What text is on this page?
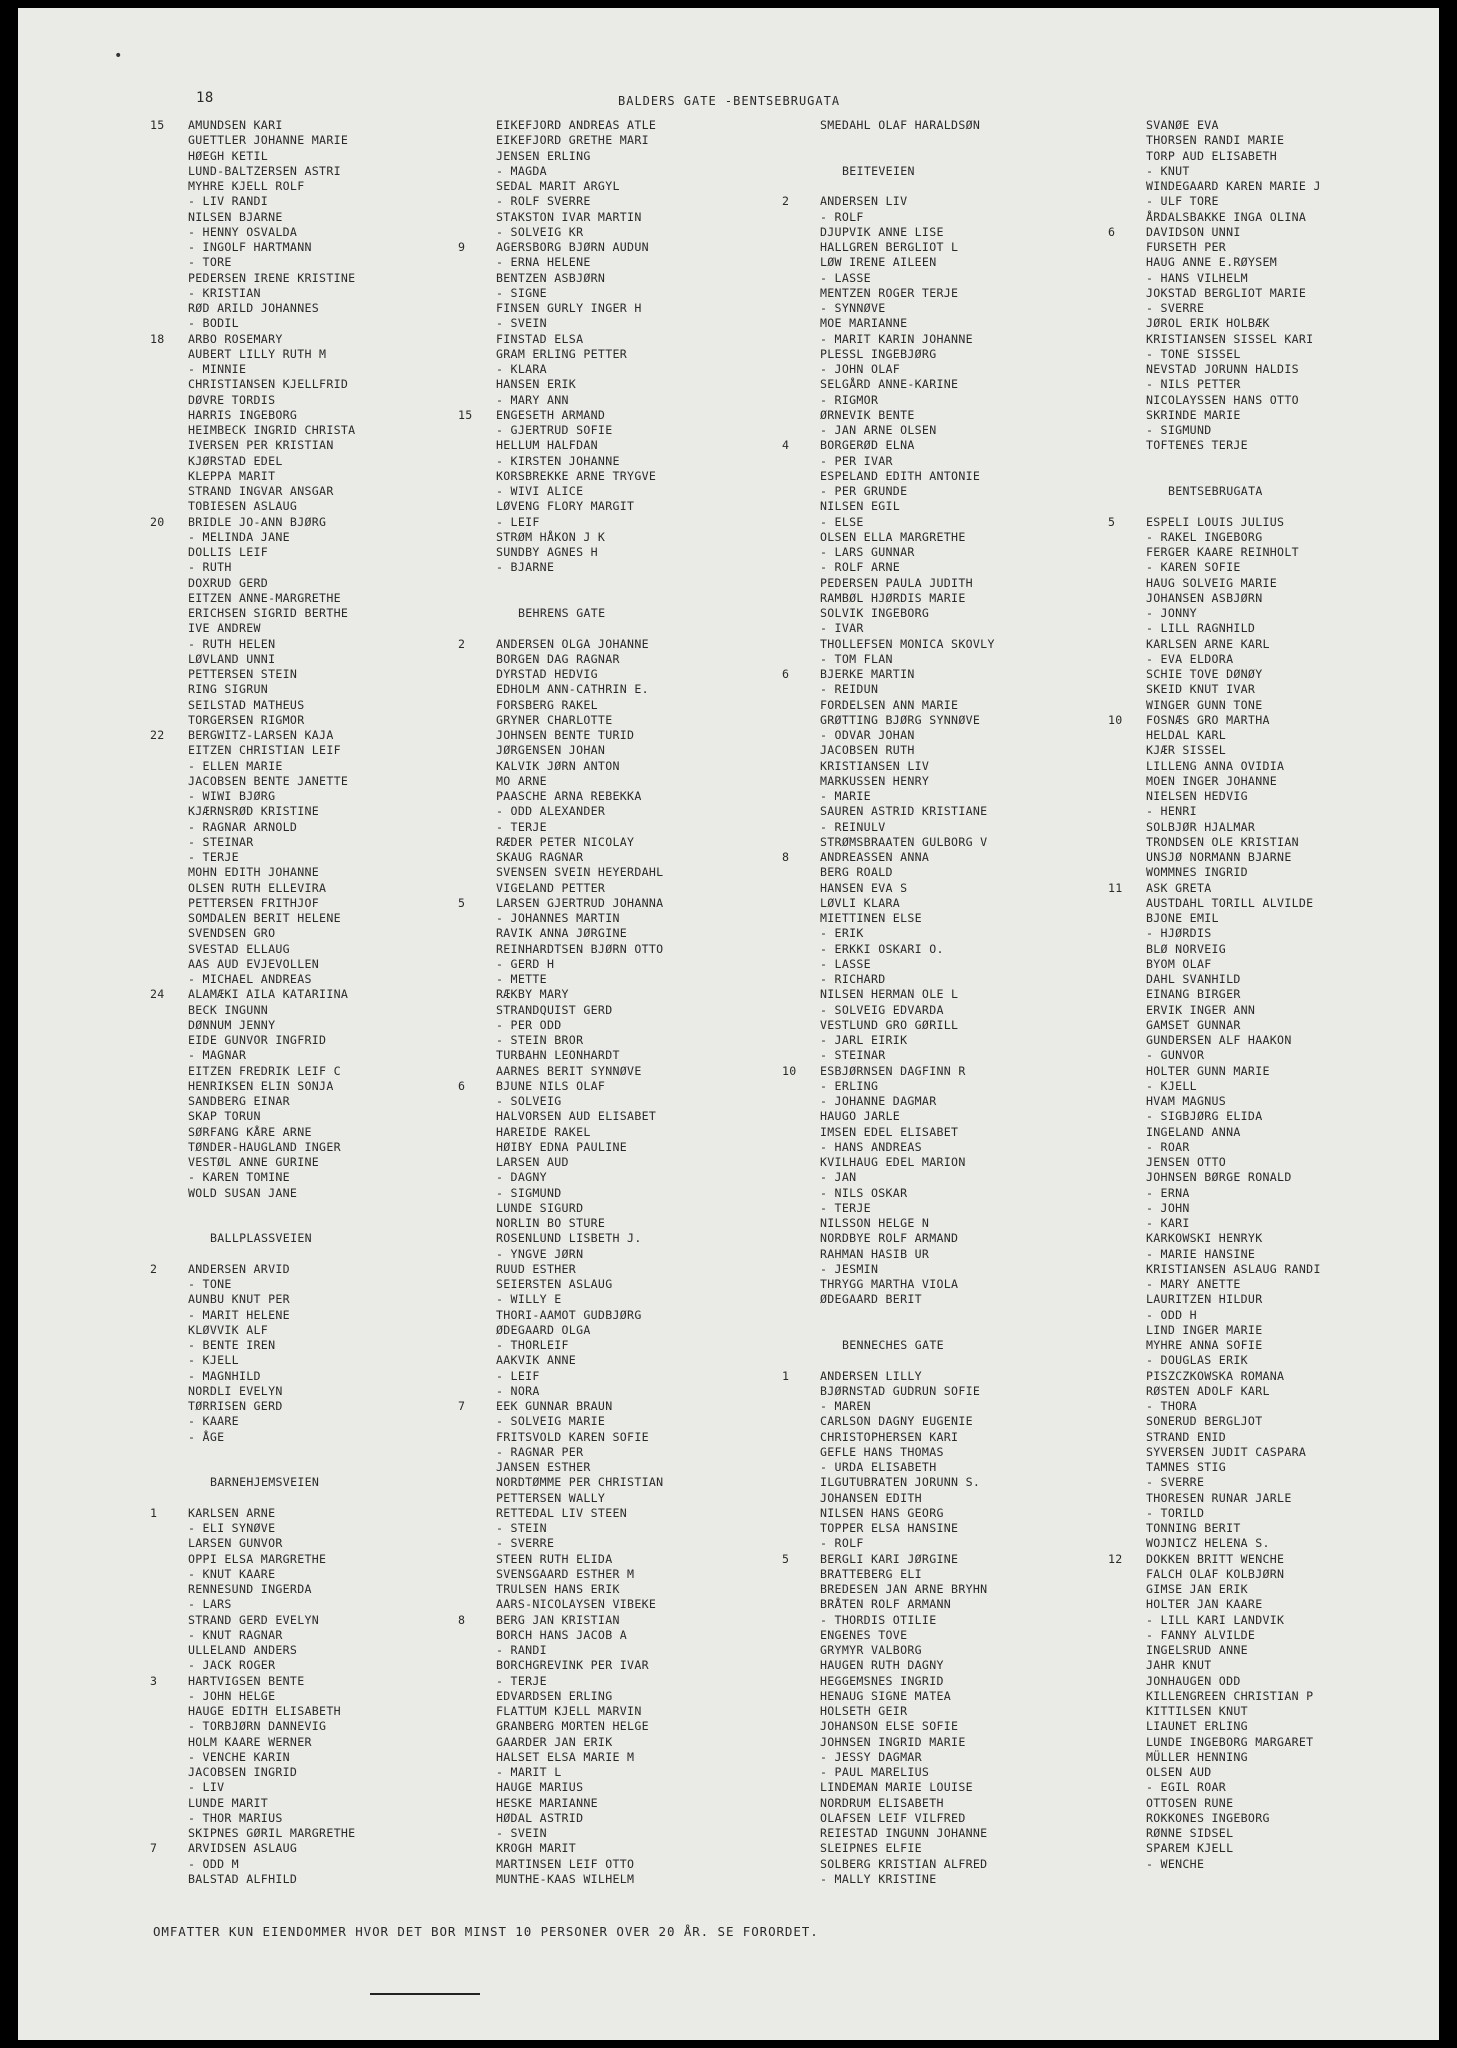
•
18	BALDERS GATE -BENTSEBRUGATA
15	AMUNDSEN KARI
GUETTLER JOHANNE MARIE
HØEGH KETIL
LUND-BALTZERSEN ASTRI
MYHRE KJELL ROLF
- LIV RANDI
NILSEN BJARNE
- HENNY OSVALDA
- INGOLF HARTMANN
- TORE
PEDERSEN IRENE KRISTINE
- KRISTIAN
RØD ARILD JOHANNES
- BODIL
18	ARBO ROSEMARY
AUBERT LILLY RUTH M
- MINNIE
CHRISTIANSEN KJELLFRID
DØVRE TORDIS
HARRIS INGEBORG
HEIMBECK INGRID CHRISTA
IVERSEN PER KRISTIAN
KJØRSTAD EDEL
KLEPPA MARIT
STRAND INGVAR ANSGAR
TOBIESEN ASLAUG
20	BRIDLE JO-ANN BJØRG
- MELINDA JANE
DOLLIS LEIF
- RUTH
DOXRUD GERD
EITZEN ANNE-MARGRETHE
ERICHSEN SIGRID BERTHE
IVE ANDREW
- RUTH HELEN
LØVLAND UNNI
PETTERSEN STEIN
RING SIGRUN
SEILSTAD MATHEUS
TORGERSEN RIGMOR
22	BERGWITZ-LARSEN KAJA
EITZEN CHRISTIAN LEIF
- ELLEN MARIE
JACOBSEN BENTE JANETTE
- WIWI BJØRG
KJÆRNSRØD KRISTINE
- RAGNAR ARNOLD
- STEINAR
- TERJE
MOHN EDITH JOHANNE
OLSEN RUTH ELLEVIRA
PETTERSEN FRITHJOF
SOMDALEN BERIT HELENE
SVENDSEN GRO
SVESTAD ELLAUG
AAS AUD EVJEVOLLEN
- MICHAEL ANDREAS
24	ALAMÆKI AILA KATARIINA
BECK INGUNN
DØNNUM JENNY
EIDE GUNVOR INGFRID
- MAGNAR
EITZEN FREDRIK LEIF C
HENRIKSEN ELIN SONJA
SANDBERG EINAR
SKAP TORUN
SØRFANG KÅRE ARNE
TØNDER-HAUGLAND INGER
VESTØL ANNE GURINE
- KAREN TOMINE
WOLD SUSAN JANE
BALLPLASSVEIEN
2	ANDERSEN ARVID
- TONE
AUNBU KNUT PER
- MARIT HELENE
KLØVVIK ALF
- BENTE IREN
- KJELL
- MAGNHILD
NORDLI EVELYN
TØRRISEN GERD
- KAARE
- ÅGE
BARNEHJEMSVEIEN
1	KARLSEN ARNE
- ELI SYNØVE
LARSEN GUNVOR
OPPI ELSA MARGRETHE
- KNUT KAARE
RENNESUND INGERDA
- LARS
STRAND GERD EVELYN
- KNUT RAGNAR
ULLELAND ANDERS
- JACK ROGER
3	HARTVIGSEN BENTE
- JOHN HELGE
HAUGE EDITH ELISABETH
- TORBJØRN DANNEVIG
HOLM KAARE WERNER
- VENCHE KARIN
JACOBSEN INGRID
- LIV
LUNDE MARIT
- THOR MARIUS
SKIPNES GØRIL MARGRETHE
7	ARVIDSEN ASLAUG
- ODD M
BALSTAD ALFHILD
EIKEFJORD ANDREAS ATLE
EIKEFJORD GRETHE MARI
JENSEN ERLING
- MAGDA
SEDAL MARIT ARGYL
- ROLF SVERRE
STAKSTON IVAR MARTIN
- SOLVEIG KR
9	AGERSBORG BJØRN AUDUN
- ERNA HELENE
BENTZEN ASBJØRN
- SIGNE
FINSEN GURLY INGER H
- SVEIN
FINSTAD ELSA
GRAM ERLING PETTER
- KLARA
HANSEN ERIK
- MARY ANN
15	ENGESETH ARMAND
- GJERTRUD SOFIE
HELLUM HALFDAN
- KIRSTEN JOHANNE
KORSBREKKE ARNE TRYGVE
- WIVI ALICE
LØVENG FLORY MARGIT
- LEIF
STRØM HÅKON J K
SUNDBY AGNES H
- BJARNE
BEHRENS GATE
2	ANDERSEN OLGA JOHANNE
BORGEN DAG RAGNAR
DYRSTAD HEDVIG
EDHOLM ANN-CATHRIN E.
FORSBERG RAKEL
GRYNER CHARLOTTE
JOHNSEN BENTE TURID
JØRGENSEN JOHAN
KALVIK JØRN ANTON
MO ARNE
PAASCHE ARNA REBEKKA
- ODD ALEXANDER
- TERJE
RÆDER PETER NICOLAY
SKAUG RAGNAR
SVENSEN SVEIN HEYERDAHL
VIGELAND PETTER
5	LARSEN GJERTRUD JOHANNA
- JOHANNES MARTIN
RAVIK ANNA JØRGINE
REINHARDTSEN BJØRN OTTO
- GERD H
- METTE
RÆKBY MARY
STRANDQUIST GERD
- PER ODD
- STEIN BROR
TURBAHN LEONHARDT
AARNES BERIT SYNNØVE
6	BJUNE NILS OLAF
- SOLVEIG
HALVORSEN AUD ELISABET
HAREIDE RAKEL
HØIBY EDNA PAULINE
LARSEN AUD
- DAGNY
- SIGMUND
LUNDE SIGURD
NORLIN BO STURE
ROSENLUND LISBETH J.
- YNGVE JØRN
RUUD ESTHER
SEIERSTEN ASLAUG
- WILLY E
THORI-AAMOT GUDBJØRG
ØDEGAARD OLGA
- THORLEIF
AAKVIK ANNE
- LEIF
- NORA
7	EEK GUNNAR BRAUN
- SOLVEIG MARIE
FRITSVOLD KAREN SOFIE
- RAGNAR PER
JANSEN ESTHER
NORDTØMME PER CHRISTIAN
PETTERSEN WALLY
RETTEDAL LIV STEEN
- STEIN
- SVERRE
STEEN RUTH ELIDA
SVENSGAARD ESTHER M
TRULSEN HANS ERIK
AARS-NICOLAYSEN VIBEKE
8	BERG JAN KRISTIAN
BORCH HANS JACOB A
- RANDI
BORCHGREVINK PER IVAR
- TERJE
EDVARDSEN ERLING
FLATTUM KJELL MARVIN
GRANBERG MORTEN HELGE
GAARDER JAN ERIK
HALSET ELSA MARIE M
- MARIT L
HAUGE MARIUS
HESKE MARIANNE
HØDAL ASTRID
- SVEIN
KROGH MARIT
MARTINSEN LEIF OTTO
MUNTHE-KAAS WILHELM
SMEDAHL OLAF HARALDSØN
BEITEVEIEN
2	ANDERSEN LIV
- ROLF
DJUPVIK ANNE LISE
HALLGREN BERGLIOT L
LØW IRENE AILEEN
- LASSE
MENTZEN ROGER TERJE
- SYNNØVE
MOE MARIANNE
- MARIT KARIN JOHANNE
PLESSL INGEBJØRG
- JOHN OLAF
SELGÅRD ANNE-KARINE
- RIGMOR
ØRNEVIK BENTE
- JAN ARNE OLSEN
4	BORGERØD ELNA
- PER IVAR
ESPELAND EDITH ANTONIE
- PER GRUNDE
NILSEN EGIL
- ELSE
OLSEN ELLA MARGRETHE
- LARS GUNNAR
- ROLF ARNE
PEDERSEN PAULA JUDITH
RAMBØL HJØRDIS MARIE
SOLVIK INGEBORG
- IVAR
THOLLEFSEN MONICA SKOVLY
- TOM FLAN
6	BJERKE MARTIN
- REIDUN
FORDELSEN ANN MARIE
GRØTTING BJØRG SYNNØVE
- ODVAR JOHAN
JACOBSEN RUTH
KRISTIANSEN LIV
MARKUSSEN HENRY
- MARIE
SAUREN ASTRID KRISTIANE
- REINULV
STRØMSBRAATEN GULBORG V
8	ANDREASSEN ANNA
BERG ROALD
HANSEN EVA S
LØVLI KLARA
MIETTINEN ELSE
- ERIK
- ERKKI OSKARI O.
- LASSE
- RICHARD
NILSEN HERMAN OLE L
- SOLVEIG EDVARDA
VESTLUND GRO GØRILL
- JARL EIRIK
- STEINAR
10	ESBJØRNSEN DAGFINN R
- ERLING
- JOHANNE DAGMAR
HAUGO JARLE
IMSEN EDEL ELISABET
- HANS ANDREAS
KVILHAUG EDEL MARION
- JAN
- NILS OSKAR
- TERJE
NILSSON HELGE N
NORDBYE ROLF ARMAND
RAHMAN HASIB UR
- JESMIN
THRYGG MARTHA VIOLA
ØDEGAARD BERIT
BENNECHES GATE
1	ANDERSEN LILLY
BJØRNSTAD GUDRUN SOFIE
- MAREN
CARLSON DAGNY EUGENIE
CHRISTOPHERSEN KARI
GEFLE HANS THOMAS
- URDA ELISABETH
ILGUTUBRATEN JORUNN S.
JOHANSEN EDITH
NILSEN HANS GEORG
TOPPER ELSA HANSINE
- ROLF
5	BERGLI KARI JØRGINE
BRATTEBERG ELI
BREDESEN JAN ARNE BRYHN
BRÅTEN ROLF ARMANN
- THORDIS OTILIE
ENGENES TOVE
GRYMYR VALBORG
HAUGEN RUTH DAGNY
HEGGEMSNES INGRID
HENAUG SIGNE MATEA
HOLSETH GEIR
JOHANSON ELSE SOFIE
JOHNSEN INGRID MARIE
- JESSY DAGMAR
- PAUL MARELIUS
LINDEMAN MARIE LOUISE
NORDRUM ELISABETH
OLAFSEN LEIF VILFRED
REIESTAD INGUNN JOHANNE
SLEIPNES ELFIE
SOLBERG KRISTIAN ALFRED
- MALLY KRISTINE
SVANØE EVA
THORSEN RANDI MARIE
TORP AUD ELISABETH
- KNUT
WINDEGAARD KAREN MARIE J
- ULF TORE
ÅRDALSBAKKE INGA OLINA
6	DAVIDSON UNNI
FURSETH PER
HAUG ANNE E.RØYSEM
- HANS VILHELM
JOKSTAD BERGLIOT MARIE
- SVERRE
JØROL ERIK HOLBÆK
KRISTIANSEN SISSEL KARI
- TONE SISSEL
NEVSTAD JORUNN HALDIS
- NILS PETTER
NICOLAYSSEN HANS OTTO
SKRINDE MARIE
- SIGMUND
TOFTENES TERJE
BENTSEBRUGATA
5	ESPELI LOUIS JULIUS
- RAKEL INGEBORG
FERGER KAARE REINHOLT
- KAREN SOFIE
HAUG SOLVEIG MARIE
JOHANSEN ASBJØRN
- JONNY
- LILL RAGNHILD
KARLSEN ARNE KARL
- EVA ELDORA
SCHIE TOVE DØNØY
SKEID KNUT IVAR
WINGER GUNN TONE
10	FOSNÆS GRO MARTHA
HELDAL KARL
KJÆR SISSEL
LILLENG ANNA OVIDIA
MOEN INGER JOHANNE
NIELSEN HEDVIG
- HENRI
SOLBJØR HJALMAR
TRONDSEN OLE KRISTIAN
UNSJØ NORMANN BJARNE
WOMMNES INGRID
11	ASK GRETA
AUSTDAHL TORILL ALVILDE
BJONE EMIL
- HJØRDIS
BLØ NORVEIG
BYOM OLAF
DAHL SVANHILD
EINANG BIRGER
ERVIK INGER ANN
GAMSET GUNNAR
GUNDERSEN ALF HAAKON
- GUNVOR
HOLTER GUNN MARIE
- KJELL
HVAM MAGNUS
- SIGBJØRG ELIDA
INGELAND ANNA
- ROAR
JENSEN OTTO
JOHNSEN BØRGE RONALD
- ERNA
- JOHN
- KARI
KARKOWSKI HENRYK
- MARIE HANSINE
KRISTIANSEN ASLAUG RANDI
- MARY ANETTE
LAURITZEN HILDUR
- ODD H
LIND INGER MARIE
MYHRE ANNA SOFIE
- DOUGLAS ERIK
PISZCZKOWSKA ROMANA
RØSTEN ADOLF KARL
- THORA
SONERUD BERGLJOT
STRAND ENID
SYVERSEN JUDIT CASPARA
TAMNES STIG
- SVERRE
THORESEN RUNAR JARLE
- TORILD
TONNING BERIT
WOJNICZ HELENA S.
12	DOKKEN BRITT WENCHE
FALCH OLAF KOLBJØRN
GIMSE JAN ERIK
HOLTER JAN KAARE
- LILL KARI LANDVIK
- FANNY ALVILDE
INGELSRUD ANNE
JAHR KNUT
JONHAUGEN ODD
KILLENGREEN CHRISTIAN P
KITTILSEN KNUT
LIAUNET ERLING
LUNDE INGEBORG MARGARET
MÜLLER HENNING
OLSEN AUD
- EGIL ROAR
OTTOSEN RUNE
ROKKONES INGEBORG
RØNNE SIDSEL
SPAREM KJELL
- WENCHE
OMFATTER KUN EIENDOMMER HVOR DET BOR MINST 10 PERSONER OVER 20 ÅR. SE FORORDET.
